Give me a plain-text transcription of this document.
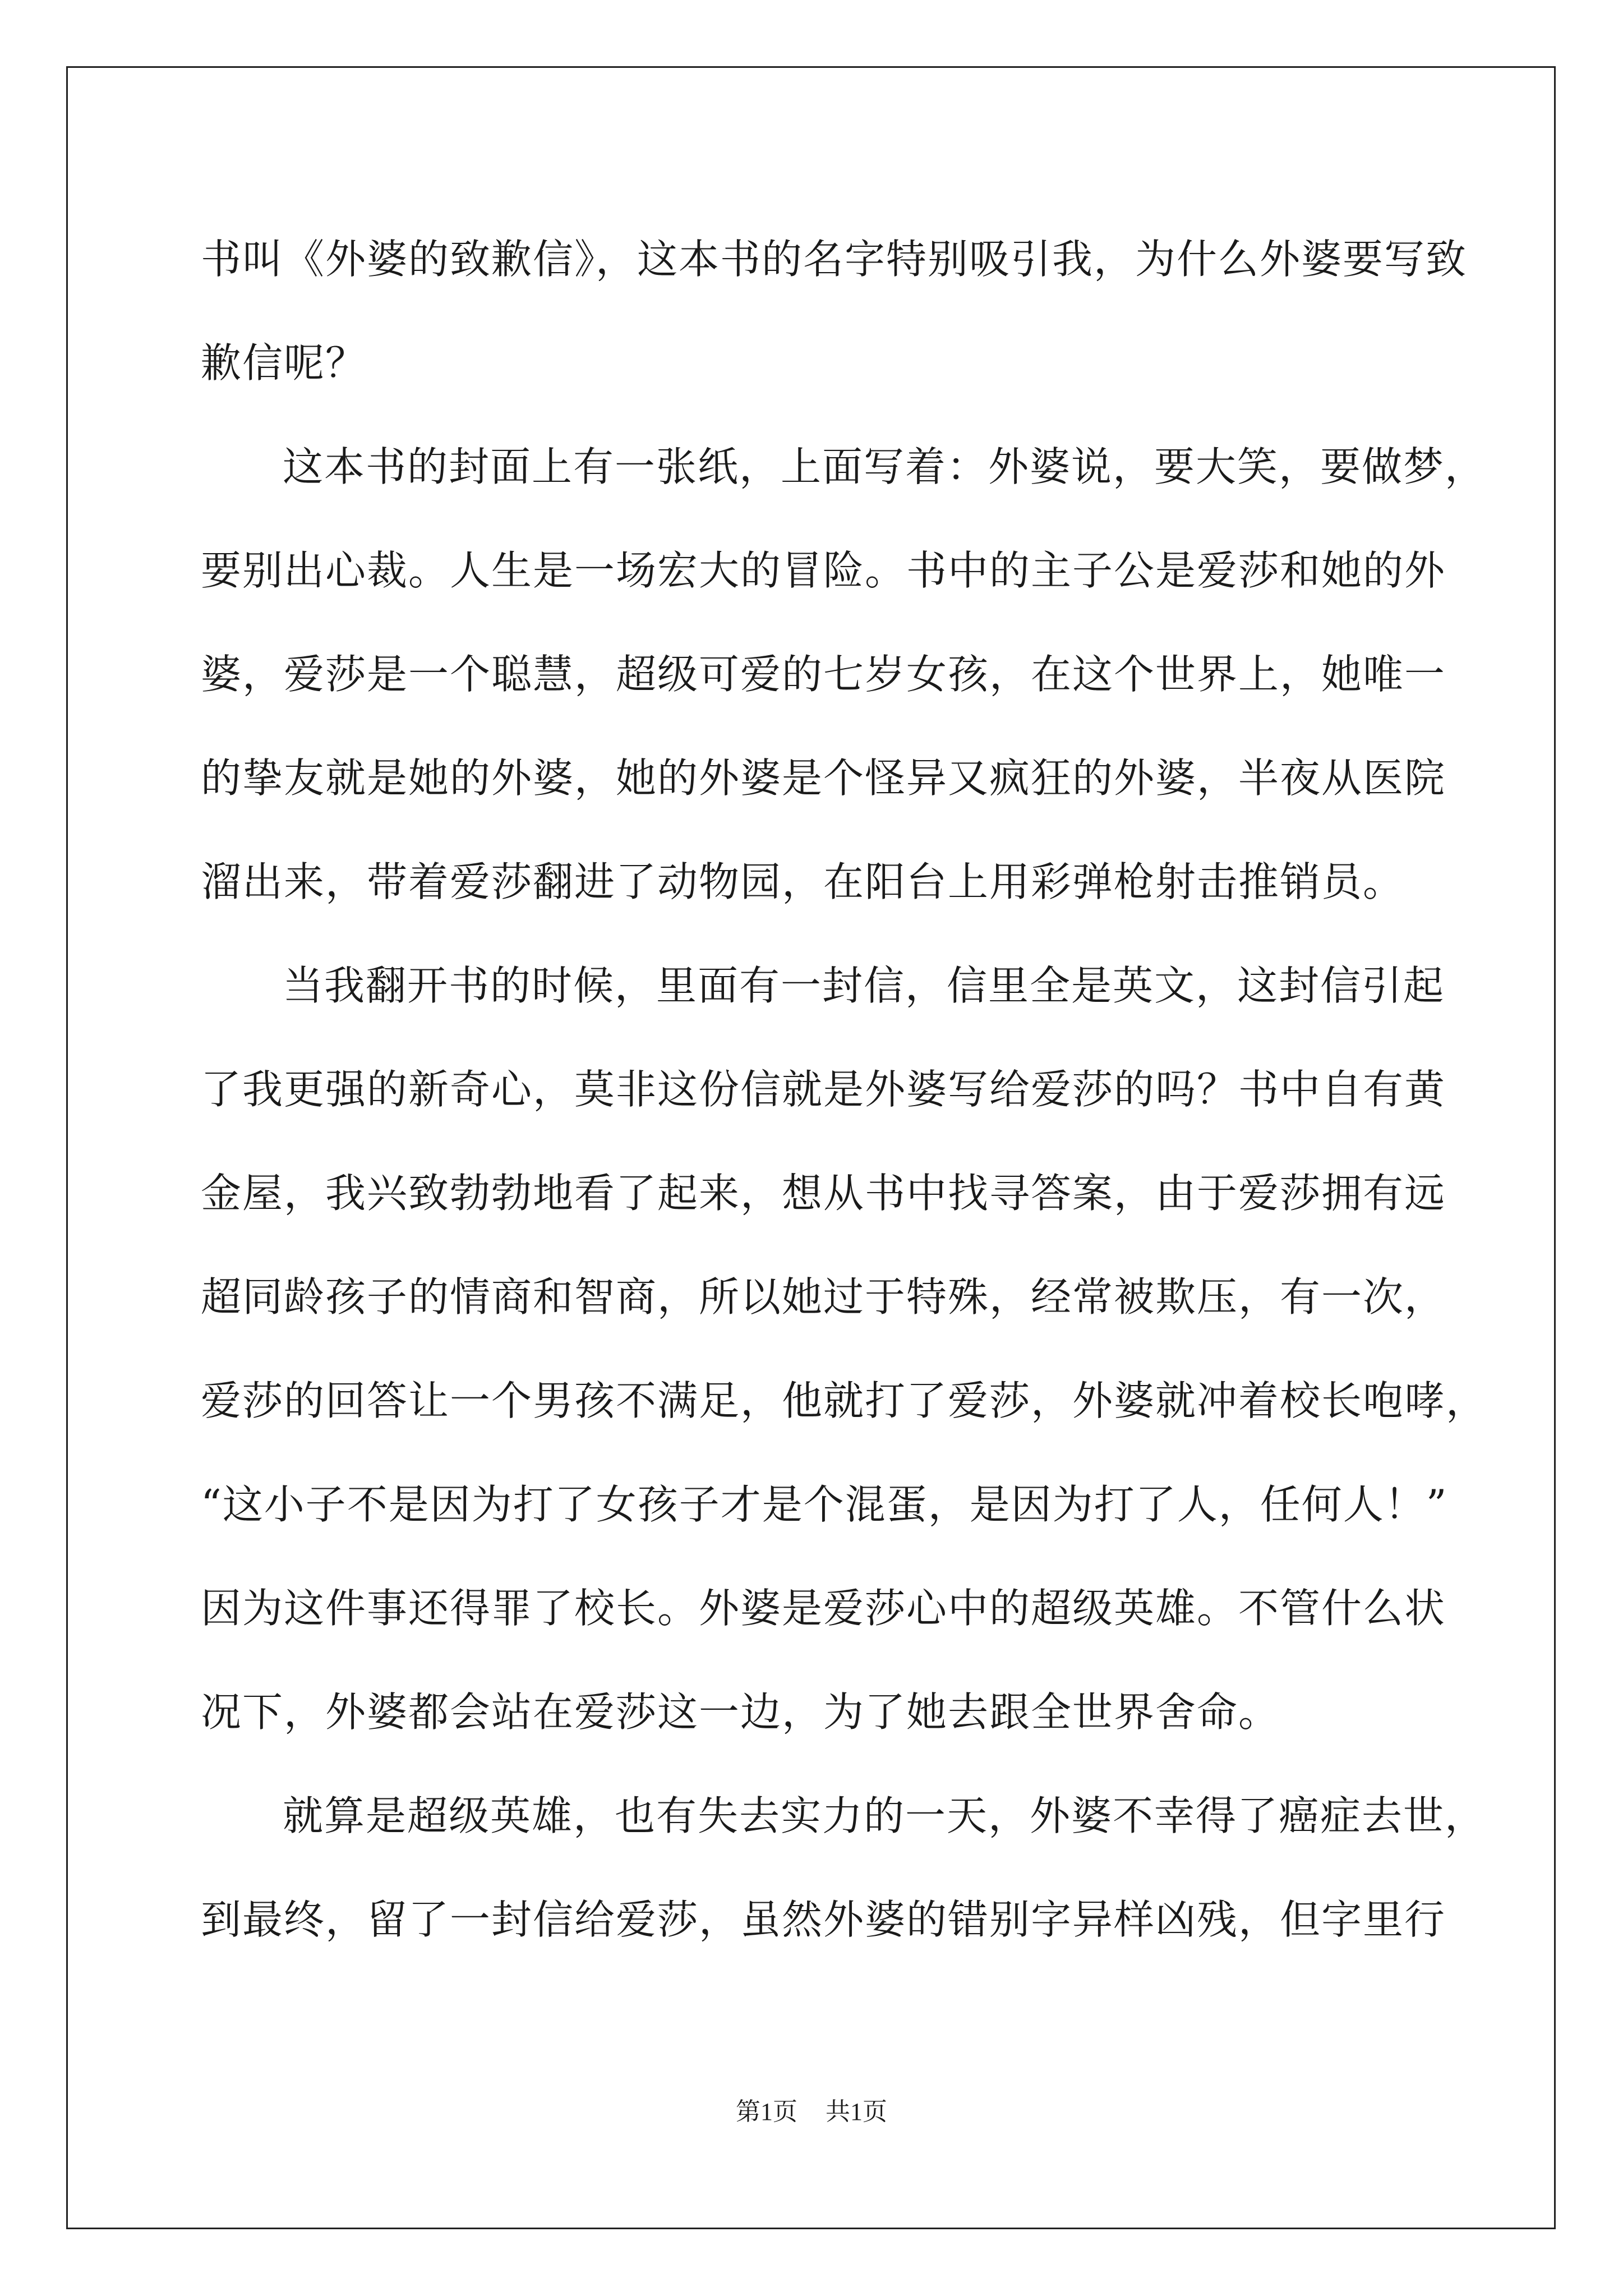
书叫《外婆的致歉信》，这本书的名字特别吸引我，为什么外婆要写致
歉信呢？
这本书的封面上有一张纸，上面写着：外婆说，要大笑，要做梦，
要别出心裁。人生是一场宏大的冒险。书中的主子公是爱莎和她的外
婆，爱莎是一个聪慧，超级可爱的七岁女孩，在这个世界上，她唯一
的挚友就是她的外婆，她的外婆是个怪异又疯狂的外婆，半夜从医院
溜出来，带着爱莎翻进了动物园，在阳台上用彩弹枪射击推销员。
当我翻开书的时候，里面有一封信，信里全是英文，这封信引起
了我更强的新奇心，莫非这份信就是外婆写给爱莎的吗？书中自有黄
金屋，我兴致勃勃地看了起来，想从书中找寻答案，由于爱莎拥有远
超同龄孩子的情商和智商，所以她过于特殊，经常被欺压，有一次，
爱莎的回答让一个男孩不满足，他就打了爱莎，外婆就冲着校长咆哮，
“这小子不是因为打了女孩子才是个混蛋，是因为打了人，任何人！”
因为这件事还得罪了校长。外婆是爱莎心中的超级英雄。不管什么状
况下，外婆都会站在爱莎这一边，为了她去跟全世界舍命。
就算是超级英雄，也有失去实力的一天，外婆不幸得了癌症去世，
到最终，留了一封信给爱莎，虽然外婆的错别字异样凶残，但字里行
第1页 共1页
